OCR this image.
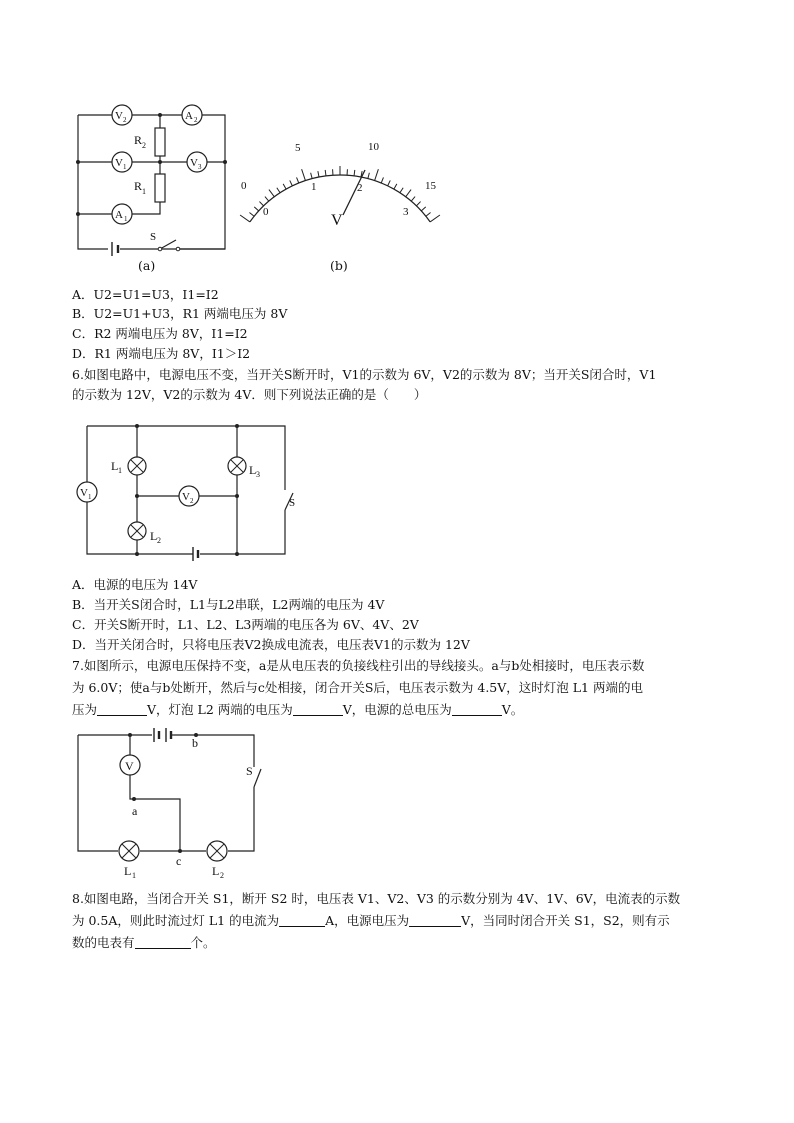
R 2
R 1
V 2	A 2
V 1	V 3
A 1
S
(a)
0
5	10
15
0
1	2
3
V
(b)
A．U2=U1=U3，I1=I2
B．U2=U1+U3，R1 两端电压为 8V
C．R2 两端电压为 8V，I1=I2
D．R1 两端电压为 8V，I1＞I2
6.如图电路中，电源电压不变，当开关S断开时，V1的示数为 6V，V2的示数为 8V；当开关S闭合时，V1
的示数为 12V，V2的示数为 4V．则下列说法正确的是（　　）
V 1	V 2
L 1
L 2
L 3
S
A．电源的电压为 14V
B．当开关S闭合时，L1与L2串联，L2两端的电压为 4V
C．开关S断开时，L1、L2、L3两端的电压各为 6V、4V、2V
D．当开关闭合时，只将电压表V2换成电流表，电压表V1的示数为 12V
7.如图所示，电源电压保持不变，a是从电压表的负接线柱引出的导线接头。a与b处相接时，电压表示数
为 6.0V；使a与b处断开，然后与c处相接，闭合开关S后，电压表示数为 4.5V，这时灯泡 L1 两端的电
压为	V，灯泡 L2 两端的电压为	V，电源的总电压为	V。
V
a
b
c
S
L 1	L 2
8.如图电路，当闭合开关 S1，断开 S2 时，电压表 V1、V2、V3 的示数分别为 4V、1V、6V，电流表的示数
为 0.5A，则此时流过灯 L1 的电流为	A，电源电压为	V，当同时闭合开关 S1，S2，则有示
数的电表有	个。
